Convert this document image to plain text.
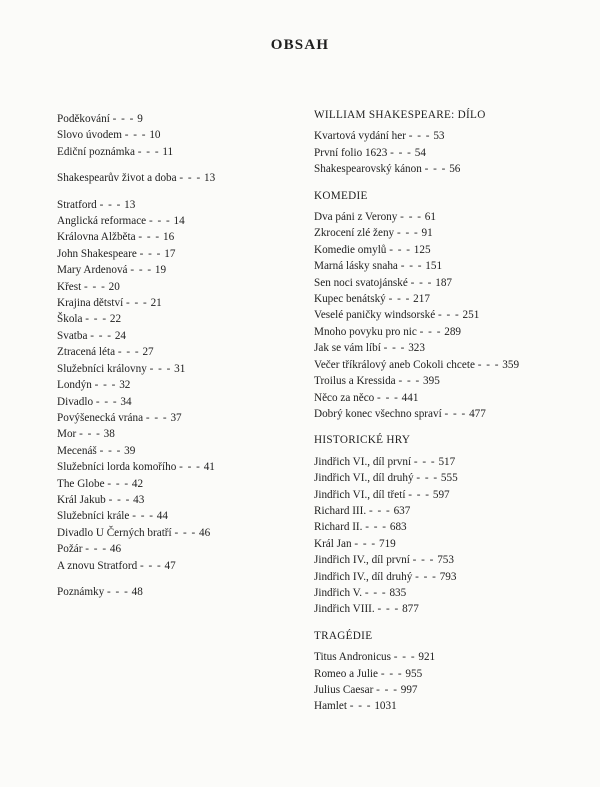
OBSAH
Poděkování - - - 9
Slovo úvodem - - - 10
Ediční poznámka - - - 11
Shakespearův život a doba - - - 13
Stratford - - - 13
Anglická reformace - - - 14
Královna Alžběta - - - 16
John Shakespeare - - - 17
Mary Ardenová - - - 19
Křest - - - 20
Krajina dětství - - - 21
Škola - - - 22
Svatba - - - 24
Ztracená léta - - - 27
Služebníci královny - - - 31
Londýn - - - 32
Divadlo - - - 34
Povýšenecká vrána - - - 37
Mor - - - 38
Mecenáš - - - 39
Služebníci lorda komořího - - - 41
The Globe - - - 42
Král Jakub - - - 43
Služebníci krále - - - 44
Divadlo U Černých bratří - - - 46
Požár - - - 46
A znovu Stratford - - - 47
Poznámky - - - 48
WILLIAM SHAKESPEARE: DÍLO
Kvartová vydání her - - - 53
První folio 1623 - - - 54
Shakespearovský kánon - - - 56
KOMEDIE
Dva páni z Verony - - - 61
Zkrocení zlé ženy - - - 91
Komedie omylů - - - 125
Marná lásky snaha - - - 151
Sen noci svatojánské - - - 187
Kupec benátský - - - 217
Veselé paničky windsorské - - - 251
Mnoho povyku pro nic - - - 289
Jak se vám líbí - - - 323
Večer tříkrálový aneb Cokoli chcete - - - 359
Troilus a Kressida - - - 395
Něco za něco - - - 441
Dobrý konec všechno spraví - - - 477
HISTORICKÉ HRY
Jindřich VI., díl první - - - 517
Jindřich VI., díl druhý - - - 555
Jindřich VI., díl třetí - - - 597
Richard III. - - - 637
Richard II. - - - 683
Král Jan - - - 719
Jindřich IV., díl první - - - 753
Jindřich IV., díl druhý - - - 793
Jindřich V. - - - 835
Jindřich VIII. - - - 877
TRAGÉDIE
Titus Andronicus - - - 921
Romeo a Julie - - - 955
Julius Caesar - - - 997
Hamlet - - - 1031
